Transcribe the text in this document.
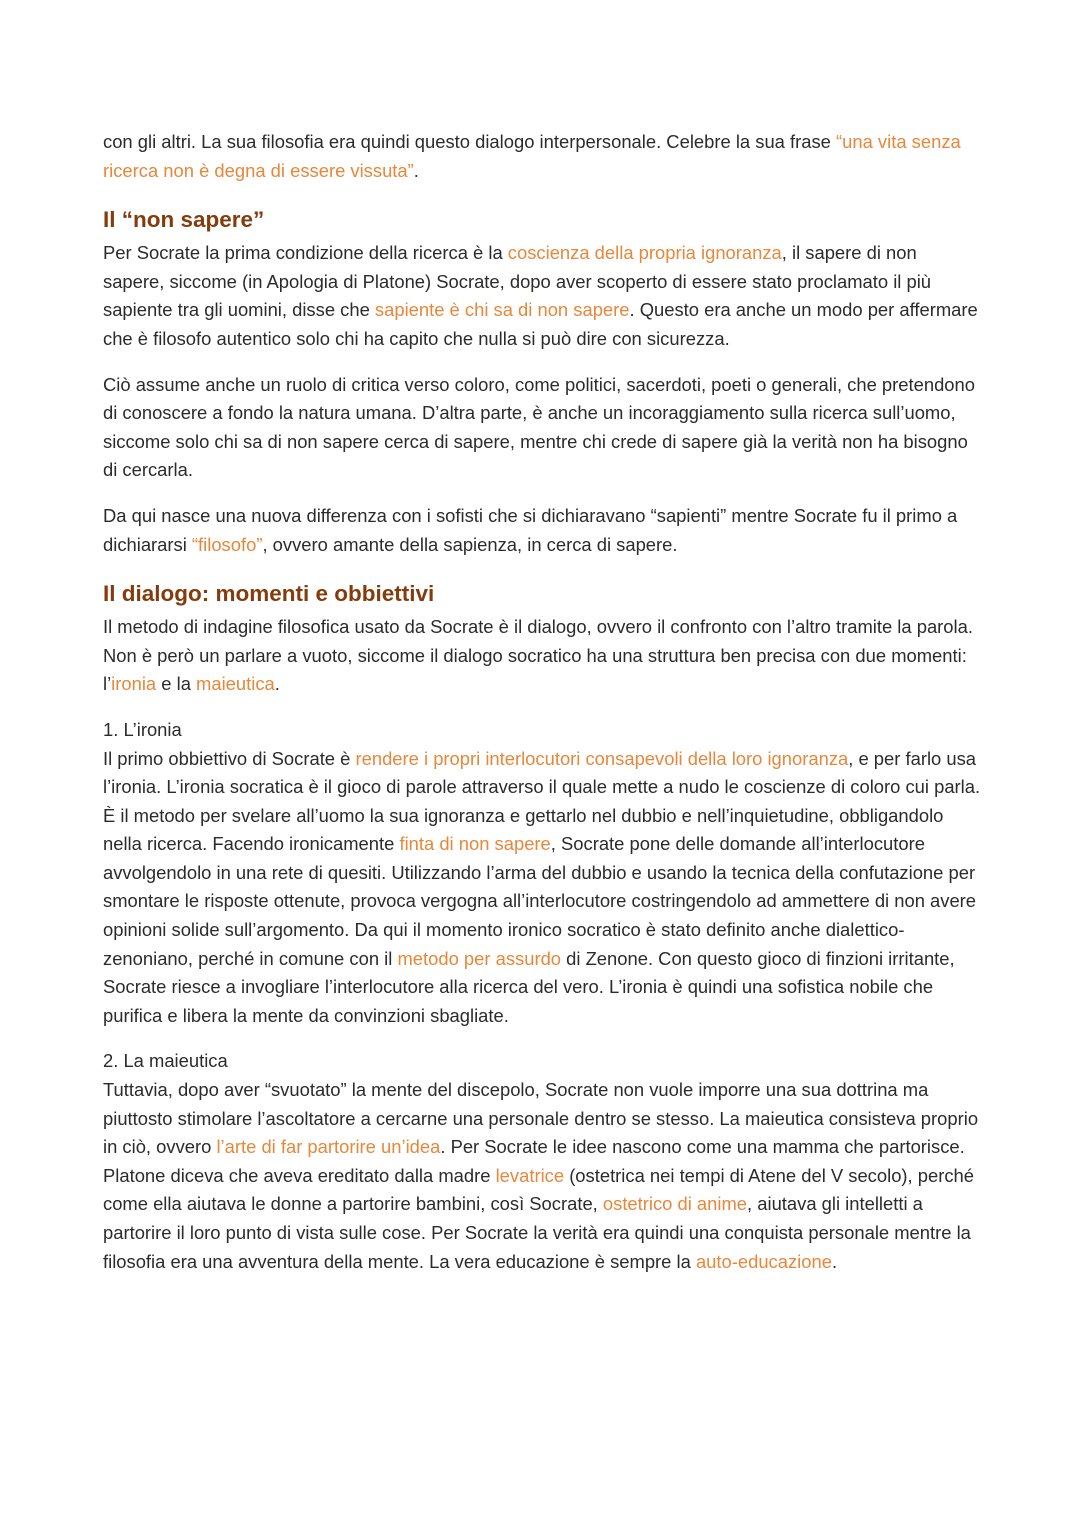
con gli altri. La sua filosofia era quindi questo dialogo interpersonale. Celebre la sua frase “una vita senza ricerca non è degna di essere vissuta”.

Il “non sapere”

Per Socrate la prima condizione della ricerca è la coscienza della propria ignoranza, il sapere di non sapere, siccome (in Apologia di Platone) Socrate, dopo aver scoperto di essere stato proclamato il più sapiente tra gli uomini, disse che sapiente è chi sa di non sapere. Questo era anche un modo per affermare che è filosofo autentico solo chi ha capito che nulla si può dire con sicurezza.

Ciò assume anche un ruolo di critica verso coloro, come politici, sacerdoti, poeti o generali, che pretendono di conoscere a fondo la natura umana. D’altra parte, è anche un incoraggiamento sulla ricerca sull’uomo, siccome solo chi sa di non sapere cerca di sapere, mentre chi crede di sapere già la verità non ha bisogno di cercarla.

Da qui nasce una nuova differenza con i sofisti che si dichiaravano “sapienti” mentre Socrate fu il primo a dichiararsi “filosofo”, ovvero amante della sapienza, in cerca di sapere.

Il dialogo: momenti e obbiettivi

Il metodo di indagine filosofica usato da Socrate è il dialogo, ovvero il confronto con l’altro tramite la parola. Non è però un parlare a vuoto, siccome il dialogo socratico ha una struttura ben precisa con due momenti: l’ironia e la maieutica.

1. L’ironia

Il primo obbiettivo di Socrate è rendere i propri interlocutori consapevoli della loro ignoranza, e per farlo usa l’ironia. L’ironia socratica è il gioco di parole attraverso il quale mette a nudo le coscienze di coloro cui parla. È il metodo per svelare all’uomo la sua ignoranza e gettarlo nel dubbio e nell’inquietudine, obbligandolo nella ricerca. Facendo ironicamente finta di non sapere, Socrate pone delle domande all’interlocutore avvolgendolo in una rete di quesiti. Utilizzando l’arma del dubbio e usando la tecnica della confutazione per smontare le risposte ottenute, provoca vergogna all’interlocutore costringendolo ad ammettere di non avere opinioni solide sull’argomento. Da qui il momento ironico socratico è stato definito anche dialettico-zenoniano, perché in comune con il metodo per assurdo di Zenone. Con questo gioco di finzioni irritante, Socrate riesce a invogliare l’interlocutore alla ricerca del vero. L’ironia è quindi una sofistica nobile che purifica e libera la mente da convinzioni sbagliate.

2. La maieutica

Tuttavia, dopo aver “svuotato” la mente del discepolo, Socrate non vuole imporre una sua dottrina ma piuttosto stimolare l’ascoltatore a cercarne una personale dentro se stesso. La maieutica consisteva proprio in ciò, ovvero l’arte di far partorire un’idea. Per Socrate le idee nascono come una mamma che partorisce. Platone diceva che aveva ereditato dalla madre levatrice (ostetrica nei tempi di Atene del V secolo), perché come ella aiutava le donne a partorire bambini, così Socrate, ostetrico di anime, aiutava gli intelletti a partorire il loro punto di vista sulle cose. Per Socrate la verità era quindi una conquista personale mentre la filosofia era una avventura della mente. La vera educazione è sempre la auto-educazione.
